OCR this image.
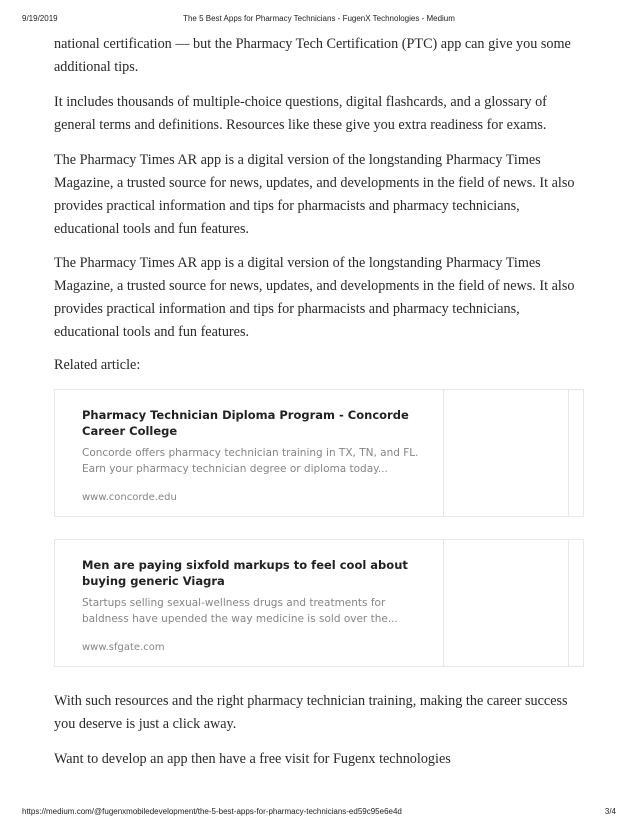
9/19/2019	The 5 Best Apps for Pharmacy Technicians - FugenX Technologies - Medium

national certification — but the Pharmacy Tech Certification (PTC) app can give you some additional tips.

It includes thousands of multiple-choice questions, digital flashcards, and a glossary of general terms and definitions. Resources like these give you extra readiness for exams.

The Pharmacy Times AR app is a digital version of the longstanding Pharmacy Times Magazine, a trusted source for news, updates, and developments in the field of news. It also provides practical information and tips for pharmacists and pharmacy technicians, educational tools and fun features.

The Pharmacy Times AR app is a digital version of the longstanding Pharmacy Times Magazine, a trusted source for news, updates, and developments in the field of news. It also provides practical information and tips for pharmacists and pharmacy technicians, educational tools and fun features.

Related article:

Pharmacy Technician Diploma Program - Concorde Career College

Concorde offers pharmacy technician training in TX, TN, and FL. Earn your pharmacy technician degree or diploma today...

www.concorde.edu

Men are paying sixfold markups to feel cool about buying generic Viagra

Startups selling sexual-wellness drugs and treatments for baldness have upended the way medicine is sold over the...

www.sfgate.com

With such resources and the right pharmacy technician training, making the career success you deserve is just a click away.

Want to develop an app then have a free visit for Fugenx technologies

https://medium.com/@fugenxmobiledevelopment/the-5-best-apps-for-pharmacy-technicians-ed59c95e6e4d	3/4
